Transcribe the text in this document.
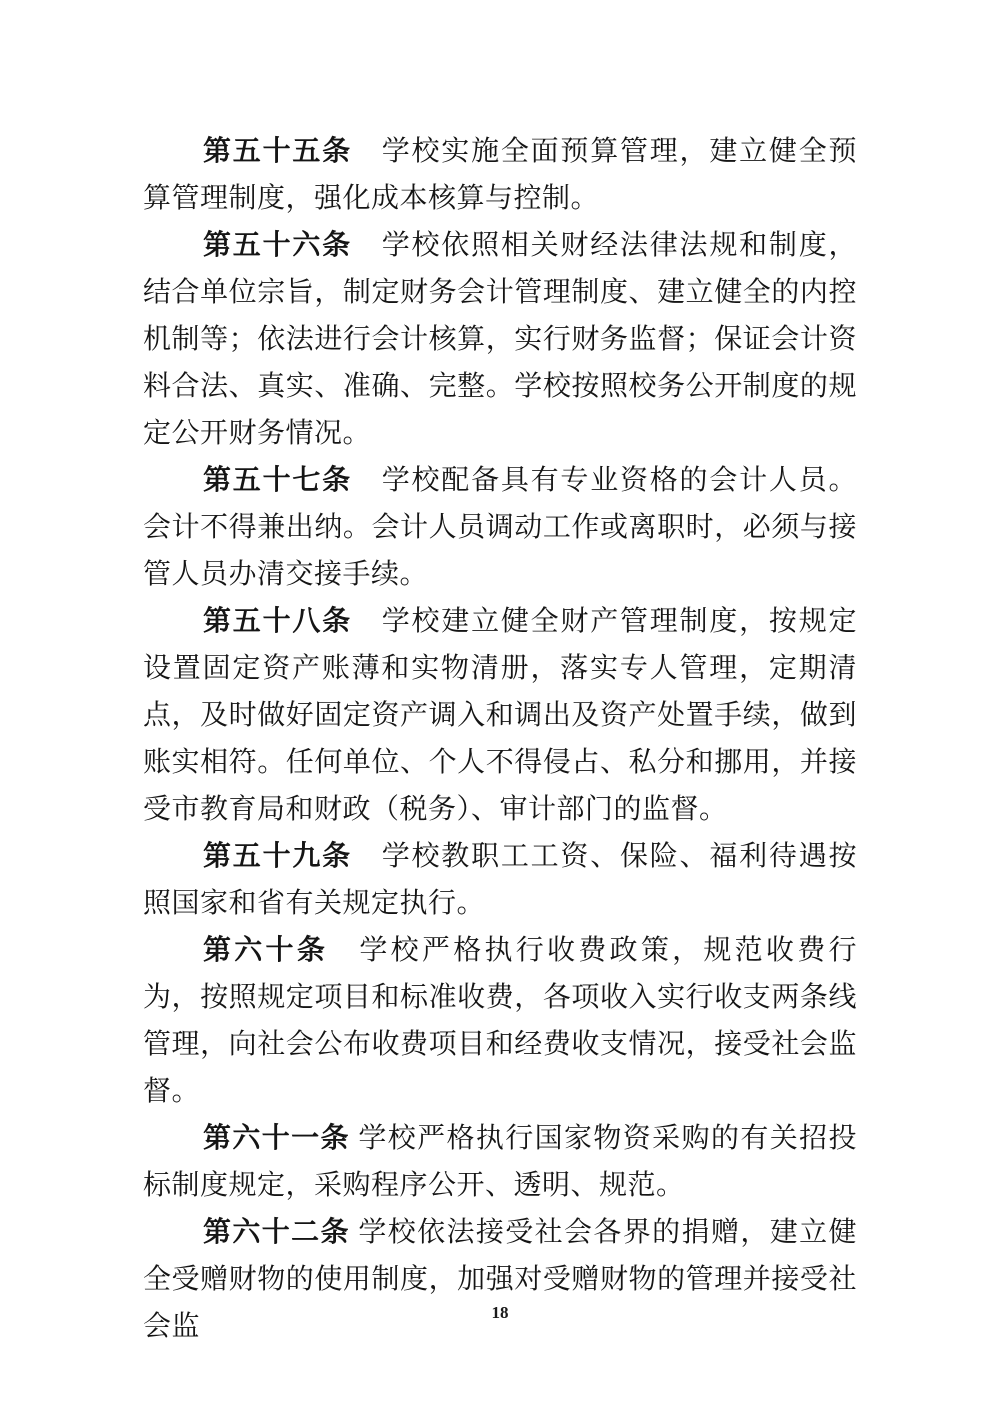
第五十五条　 学校实施全面预算管理，建立健全预算管理制度，强化成本核算与控制。

第五十六条　 学校依照相关财经法律法规和制度，结合单位宗旨，制定财务会计管理制度、建立健全的内控机制等；依法进行会计核算，实行财务监督；保证会计资料合法、真实、准确、完整。学校按照校务公开制度的规定公开财务情况。

第五十七条　 学校配备具有专业资格的会计人员。会计不得兼出纳。会计人员调动工作或离职时，必须与接管人员办清交接手续。

第五十八条　 学校建立健全财产管理制度，按规定设置固定资产账薄和实物清册，落实专人管理，定期清点，及时做好固定资产调入和调出及资产处置手续，做到账实相符。任何单位、个人不得侵占、私分和挪用，并接受市教育局和财政（税务）、审计部门的监督。

第五十九条　 学校教职工工资、保险、福利待遇按照国家和省有关规定执行。

第六十条　 学校严格执行收费政策，规范收费行为，按照规定项目和标准收费，各项收入实行收支两条线管理，向社会公布收费项目和经费收支情况，接受社会监督。

第六十一条 学校严格执行国家物资采购的有关招投标制度规定，采购程序公开、透明、规范。

第六十二条 学校依法接受社会各界的捐赠，建立健全受赠财物的使用制度，加强对受赠财物的管理并接受社会监	18
